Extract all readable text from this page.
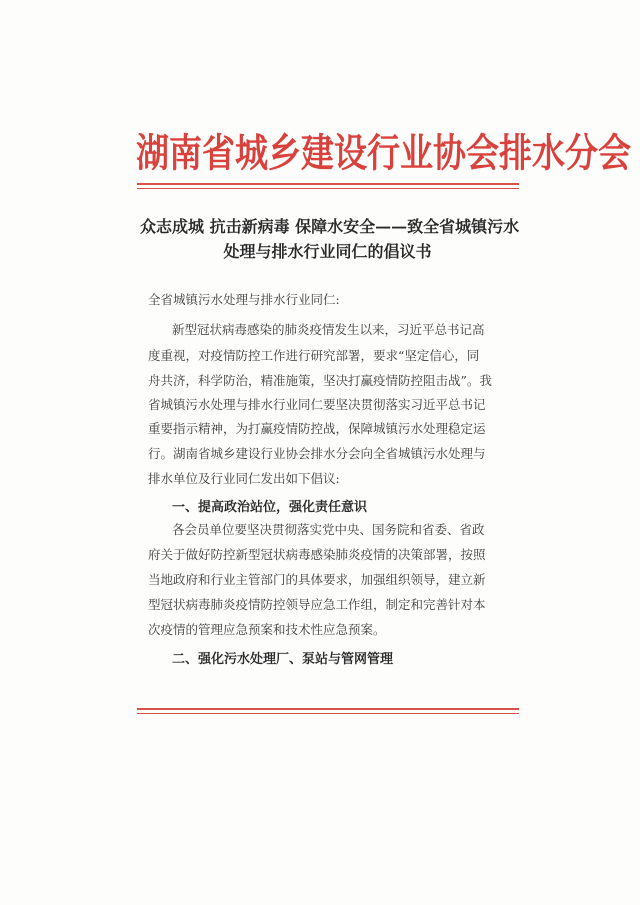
湖南省城乡建设行业协会排水分会
众志成城 抗击新病毒 保障水安全——致全省城镇污水
处理与排水行业同仁的倡议书
全省城镇污水处理与排水行业同仁:
新型冠状病毒感染的肺炎疫情发生以来，习近平总书记高
度重视，对疫情防控工作进行研究部署，要求“坚定信心，同
舟共济，科学防治，精准施策，坚决打赢疫情防控阻击战”。我
省城镇污水处理与排水行业同仁要坚决贯彻落实习近平总书记
重要指示精神，为打赢疫情防控战，保障城镇污水处理稳定运
行。湖南省城乡建设行业协会排水分会向全省城镇污水处理与
排水单位及行业同仁发出如下倡议:
一、提高政治站位，强化责任意识
各会员单位要坚决贯彻落实党中央、国务院和省委、省政
府关于做好防控新型冠状病毒感染肺炎疫情的决策部署，按照
当地政府和行业主管部门的具体要求，加强组织领导，建立新
型冠状病毒肺炎疫情防控领导应急工作组，制定和完善针对本
次疫情的管理应急预案和技术性应急预案。
二、强化污水处理厂、泵站与管网管理
